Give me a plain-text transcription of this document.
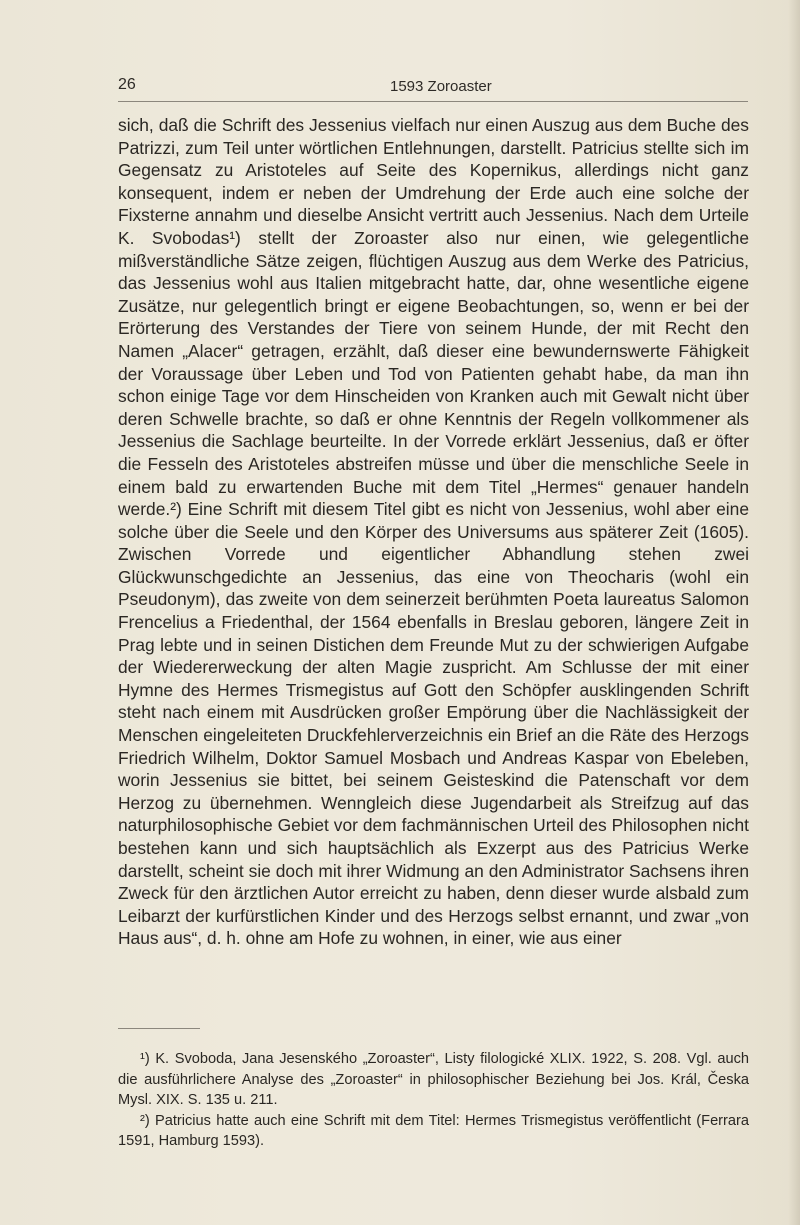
26	1593 Zoroaster

sich, daß die Schrift des Jessenius vielfach nur einen Auszug aus dem Buche des Patrizzi, zum Teil unter wörtlichen Entlehnungen, darstellt. Patricius stellte sich im Gegensatz zu Aristoteles auf Seite des Kopernikus, allerdings nicht ganz konsequent, indem er neben der Umdrehung der Erde auch eine solche der Fixsterne annahm und dieselbe Ansicht vertritt auch Jessenius. Nach dem Urteile K. Svobodas¹) stellt der Zoroaster also nur einen, wie gelegentliche mißverständliche Sätze zeigen, flüchtigen Auszug aus dem Werke des Patricius, das Jessenius wohl aus Italien mitgebracht hatte, dar, ohne wesentliche eigene Zusätze, nur gelegentlich bringt er eigene Beobachtungen, so, wenn er bei der Erörterung des Verstandes der Tiere von seinem Hunde, der mit Recht den Namen „Alacer“ getragen, erzählt, daß dieser eine bewundernswerte Fähigkeit der Voraussage über Leben und Tod von Patienten gehabt habe, da man ihn schon einige Tage vor dem Hinscheiden von Kranken auch mit Gewalt nicht über deren Schwelle brachte, so daß er ohne Kenntnis der Regeln vollkommener als Jessenius die Sachlage beurteilte. In der Vorrede erklärt Jessenius, daß er öfter die Fesseln des Aristoteles abstreifen müsse und über die menschliche Seele in einem bald zu erwartenden Buche mit dem Titel „Hermes“ genauer handeln werde.²) Eine Schrift mit diesem Titel gibt es nicht von Jessenius, wohl aber eine solche über die Seele und den Körper des Universums aus späterer Zeit (1605). Zwischen Vorrede und eigentlicher Abhandlung stehen zwei Glückwunschgedichte an Jessenius, das eine von Theocharis (wohl ein Pseudonym), das zweite von dem seinerzeit berühmten Poeta laureatus Salomon Frencelius a Friedenthal, der 1564 ebenfalls in Breslau geboren, längere Zeit in Prag lebte und in seinen Distichen dem Freunde Mut zu der schwierigen Aufgabe der Wiedererweckung der alten Magie zuspricht. Am Schlusse der mit einer Hymne des Hermes Trismegistus auf Gott den Schöpfer ausklingenden Schrift steht nach einem mit Ausdrücken großer Empörung über die Nachlässigkeit der Menschen eingeleiteten Druckfehlerverzeichnis ein Brief an die Räte des Herzogs Friedrich Wilhelm, Doktor Samuel Mosbach und Andreas Kaspar von Ebeleben, worin Jessenius sie bittet, bei seinem Geisteskind die Patenschaft vor dem Herzog zu übernehmen. Wenngleich diese Jugendarbeit als Streifzug auf das naturphilosophische Gebiet vor dem fachmännischen Urteil des Philosophen nicht bestehen kann und sich hauptsächlich als Exzerpt aus des Patricius Werke darstellt, scheint sie doch mit ihrer Widmung an den Administrator Sachsens ihren Zweck für den ärztlichen Autor erreicht zu haben, denn dieser wurde alsbald zum Leibarzt der kurfürstlichen Kinder und des Herzogs selbst ernannt, und zwar „von Haus aus“, d. h. ohne am Hofe zu wohnen, in einer, wie aus einer

¹) K. Svoboda, Jana Jesenského „Zoroaster“, Listy filologické XLIX. 1922, S. 208. Vgl. auch die ausführlichere Analyse des „Zoroaster“ in philosophischer Beziehung bei Jos. Král, Česka Mysl. XIX. S. 135 u. 211.

²) Patricius hatte auch eine Schrift mit dem Titel: Hermes Trismegistus veröffentlicht (Ferrara 1591, Hamburg 1593).
